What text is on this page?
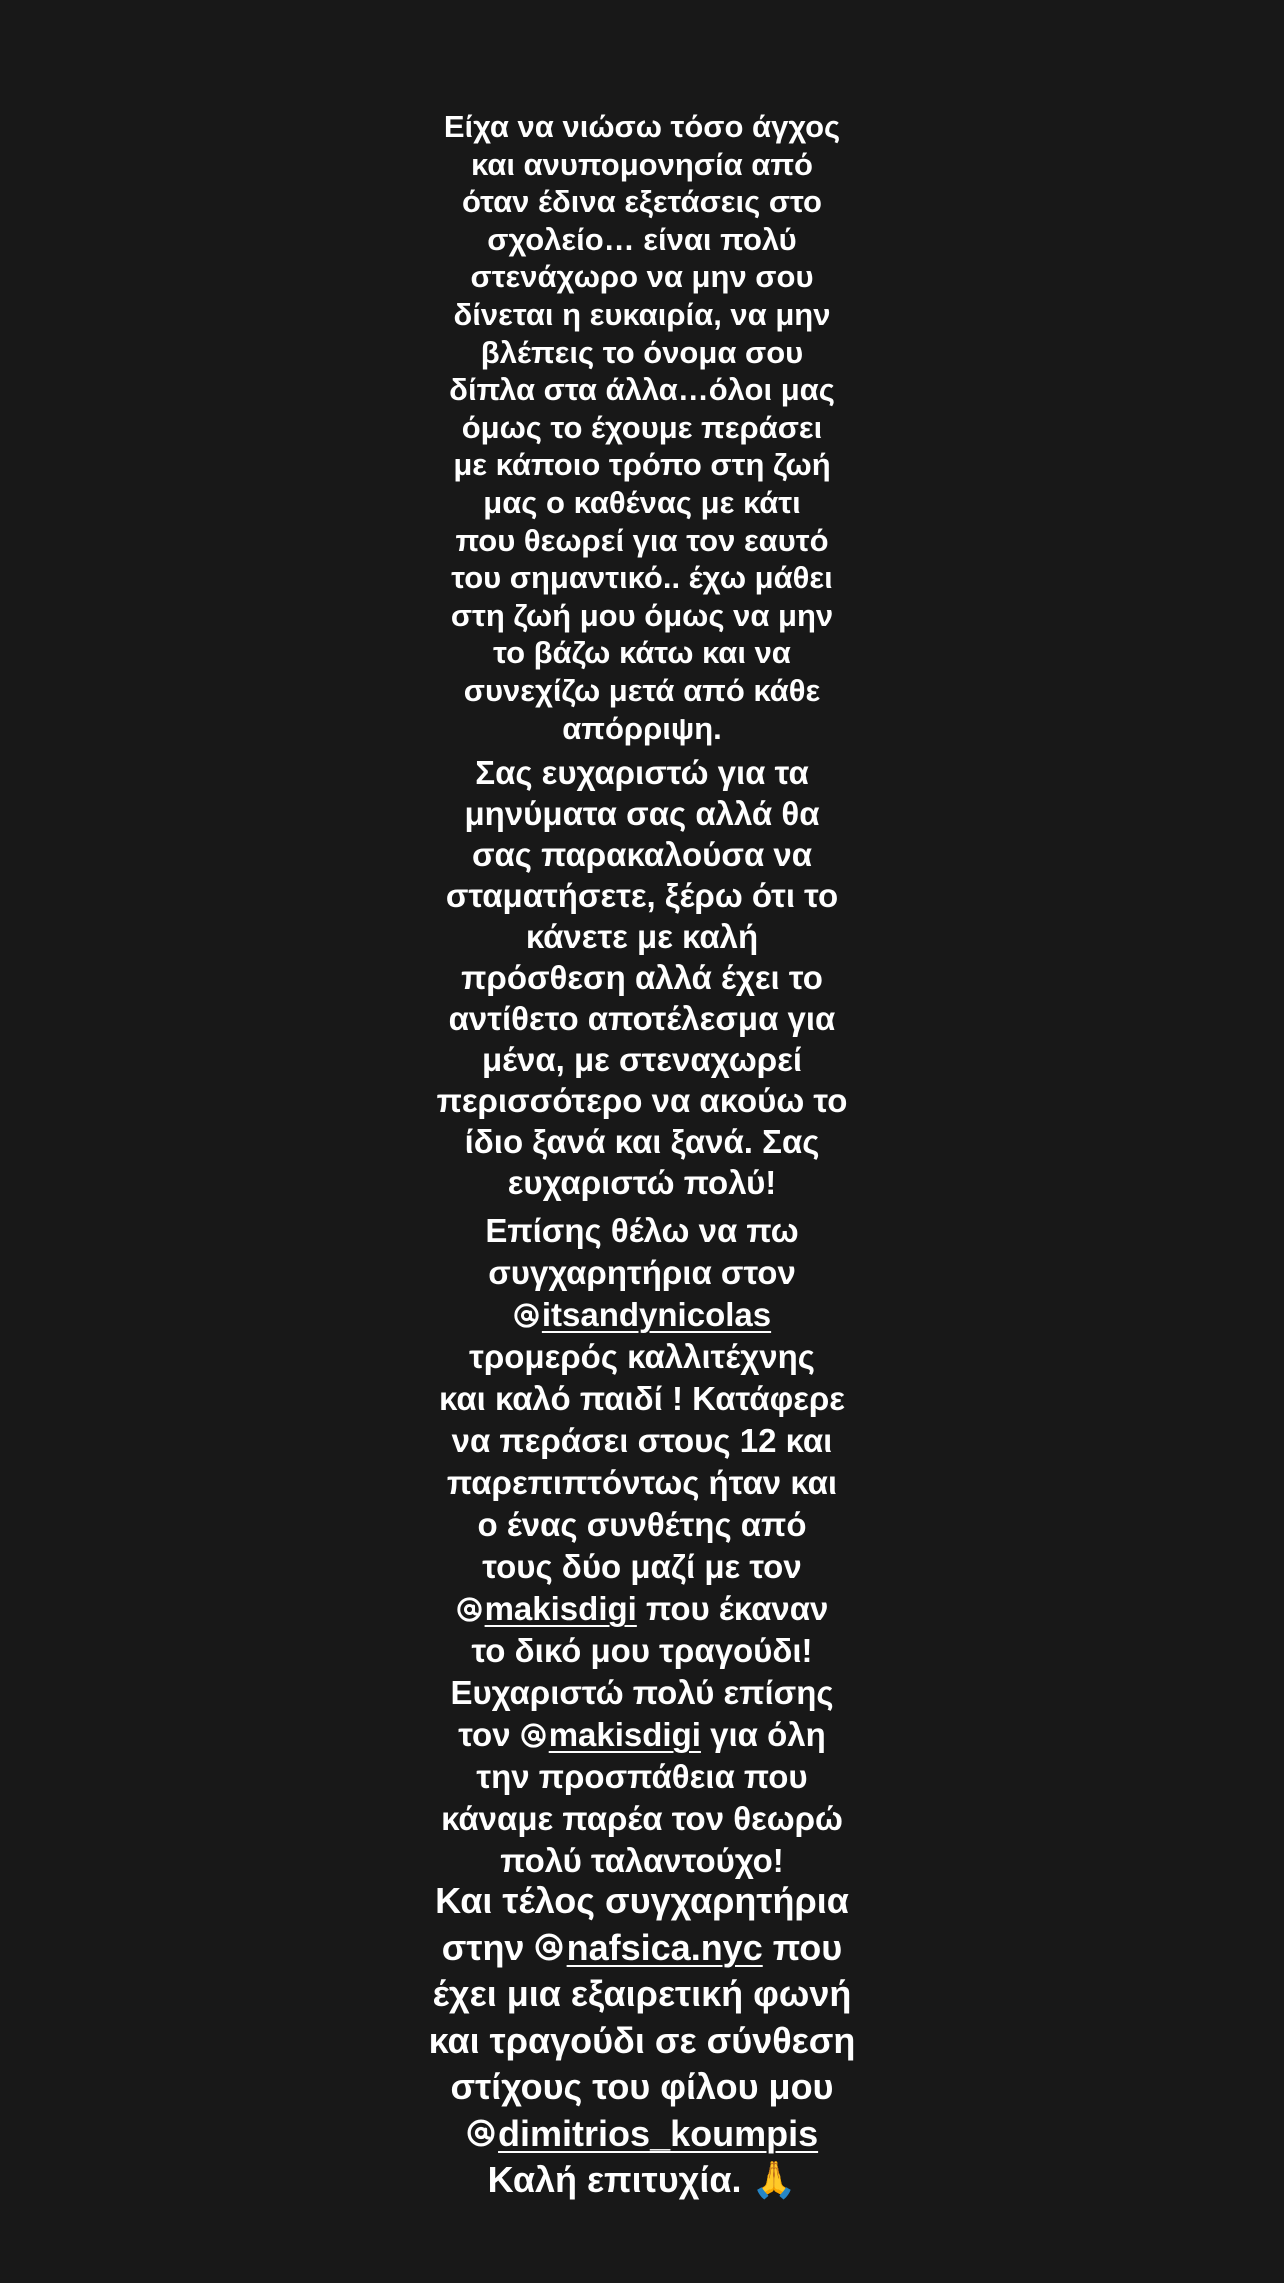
Είχα να νιώσω τόσο άγχος
και ανυπομονησία από
όταν έδινα εξετάσεις στο
σχολείο… είναι πολύ
στενάχωρο να μην σου
δίνεται η ευκαιρία, να μην
βλέπεις το όνομα σου
δίπλα στα άλλα…όλοι μας
όμως το έχουμε περάσει
με κάποιο τρόπο στη ζωή
μας ο καθένας με κάτι
που θεωρεί για τον εαυτό
του σημαντικό.. έχω μάθει
στη ζωή μου όμως να μην
το βάζω κάτω και να
συνεχίζω μετά από κάθε
απόρριψη.
Σας ευχαριστώ για τα
μηνύματα σας αλλά θα
σας παρακαλούσα να
σταματήσετε, ξέρω ότι το
κάνετε με καλή
πρόσθεση αλλά έχει το
αντίθετο αποτέλεσμα για
μένα, με στεναχωρεί
περισσότερο να ακούω το
ίδιο ξανά και ξανά. Σας
ευχαριστώ πολύ!
Επίσης θέλω να πω
συγχαρητήρια στον
itsandynicolas
τρομερός καλλιτέχνης
και καλό παιδί ! Κατάφερε
να περάσει στους 12 και
παρεπιπτόντως ήταν και
ο ένας συνθέτης από
τους δύο μαζί με τον
makisdigi που έκαναν
το δικό μου τραγούδι!
Ευχαριστώ πολύ επίσης
τον
makisdigi για όλη
την προσπάθεια που
κάναμε παρέα τον θεωρώ
πολύ ταλαντούχο!
Και τέλος συγχαρητήρια
στην
nafsica.nyc που
έχει μια εξαιρετική φωνή
και τραγούδι σε σύνθεση
στίχους του φίλου μου
dimitrios_koumpis
Καλή επιτυχία. 🙏
